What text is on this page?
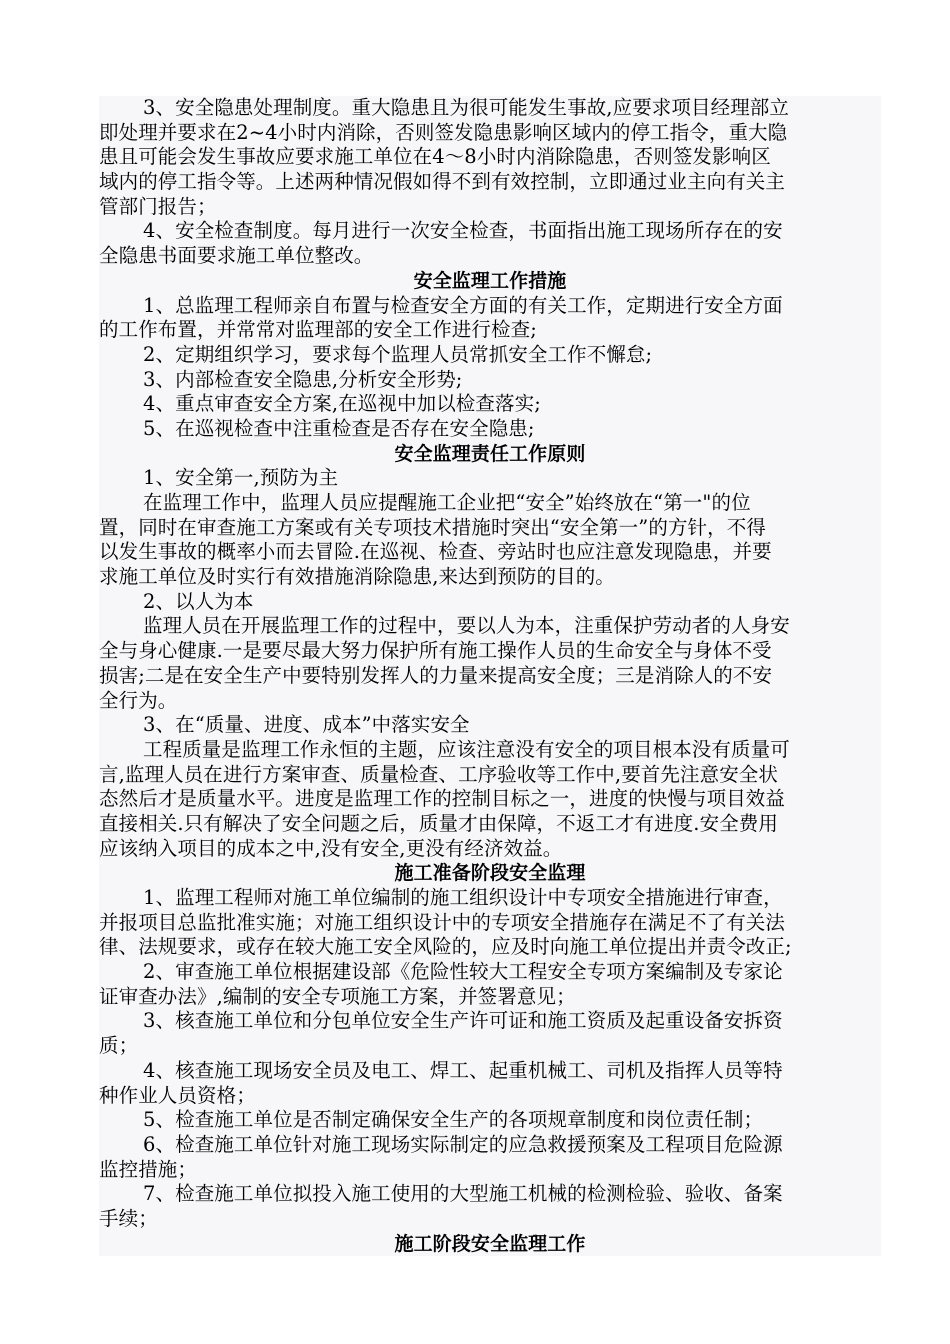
3、安全隐患处理制度。重大隐患且为很可能发生事故,应要求项目经理部立
即处理并要求在2~4小时内消除，否则签发隐患影响区域内的停工指令，重大隐
患且可能会发生事故应要求施工单位在4～8小时内消除隐患，否则签发影响区
域内的停工指令等。上述两种情况假如得不到有效控制，立即通过业主向有关主
管部门报告；
4、安全检查制度。每月进行一次安全检查，书面指出施工现场所存在的安
全隐患书面要求施工单位整改。
安全监理工作措施
1、总监理工程师亲自布置与检查安全方面的有关工作，定期进行安全方面
的工作布置，并常常对监理部的安全工作进行检查;
2、定期组织学习，要求每个监理人员常抓安全工作不懈怠;
3、内部检查安全隐患,分析安全形势;
4、重点审查安全方案,在巡视中加以检查落实;
5、在巡视检查中注重检查是否存在安全隐患;
安全监理责任工作原则
1、安全第一,预防为主
在监理工作中，监理人员应提醒施工企业把“安全”始终放在“第一"的位
置，同时在审查施工方案或有关专项技术措施时突出“安全第一”的方针，不得
以发生事故的概率小而去冒险.在巡视、检查、旁站时也应注意发现隐患，并要
求施工单位及时实行有效措施消除隐患,来达到预防的目的。
2、以人为本
监理人员在开展监理工作的过程中，要以人为本，注重保护劳动者的人身安
全与身心健康.一是要尽最大努力保护所有施工操作人员的生命安全与身体不受
损害;二是在安全生产中要特别发挥人的力量来提高安全度；三是消除人的不安
全行为。
3、在“质量、进度、成本”中落实安全
工程质量是监理工作永恒的主题，应该注意没有安全的项目根本没有质量可
言,监理人员在进行方案审查、质量检查、工序验收等工作中,要首先注意安全状
态然后才是质量水平。进度是监理工作的控制目标之一，进度的快慢与项目效益
直接相关.只有解决了安全问题之后，质量才由保障，不返工才有进度.安全费用
应该纳入项目的成本之中,没有安全,更没有经济效益。
施工准备阶段安全监理
1、监理工程师对施工单位编制的施工组织设计中专项安全措施进行审查，
并报项目总监批准实施；对施工组织设计中的专项安全措施存在满足不了有关法
律、法规要求，或存在较大施工安全风险的，应及时向施工单位提出并责令改正;
2、审查施工单位根据建设部《危险性较大工程安全专项方案编制及专家论
证审查办法》,编制的安全专项施工方案，并签署意见；
3、核查施工单位和分包单位安全生产许可证和施工资质及起重设备安拆资
质；
4、核查施工现场安全员及电工、焊工、起重机械工、司机及指挥人员等特
种作业人员资格；
5、检查施工单位是否制定确保安全生产的各项规章制度和岗位责任制；
6、检查施工单位针对施工现场实际制定的应急救援预案及工程项目危险源
监控措施；
7、检查施工单位拟投入施工使用的大型施工机械的检测检验、验收、备案
手续；
施工阶段安全监理工作
